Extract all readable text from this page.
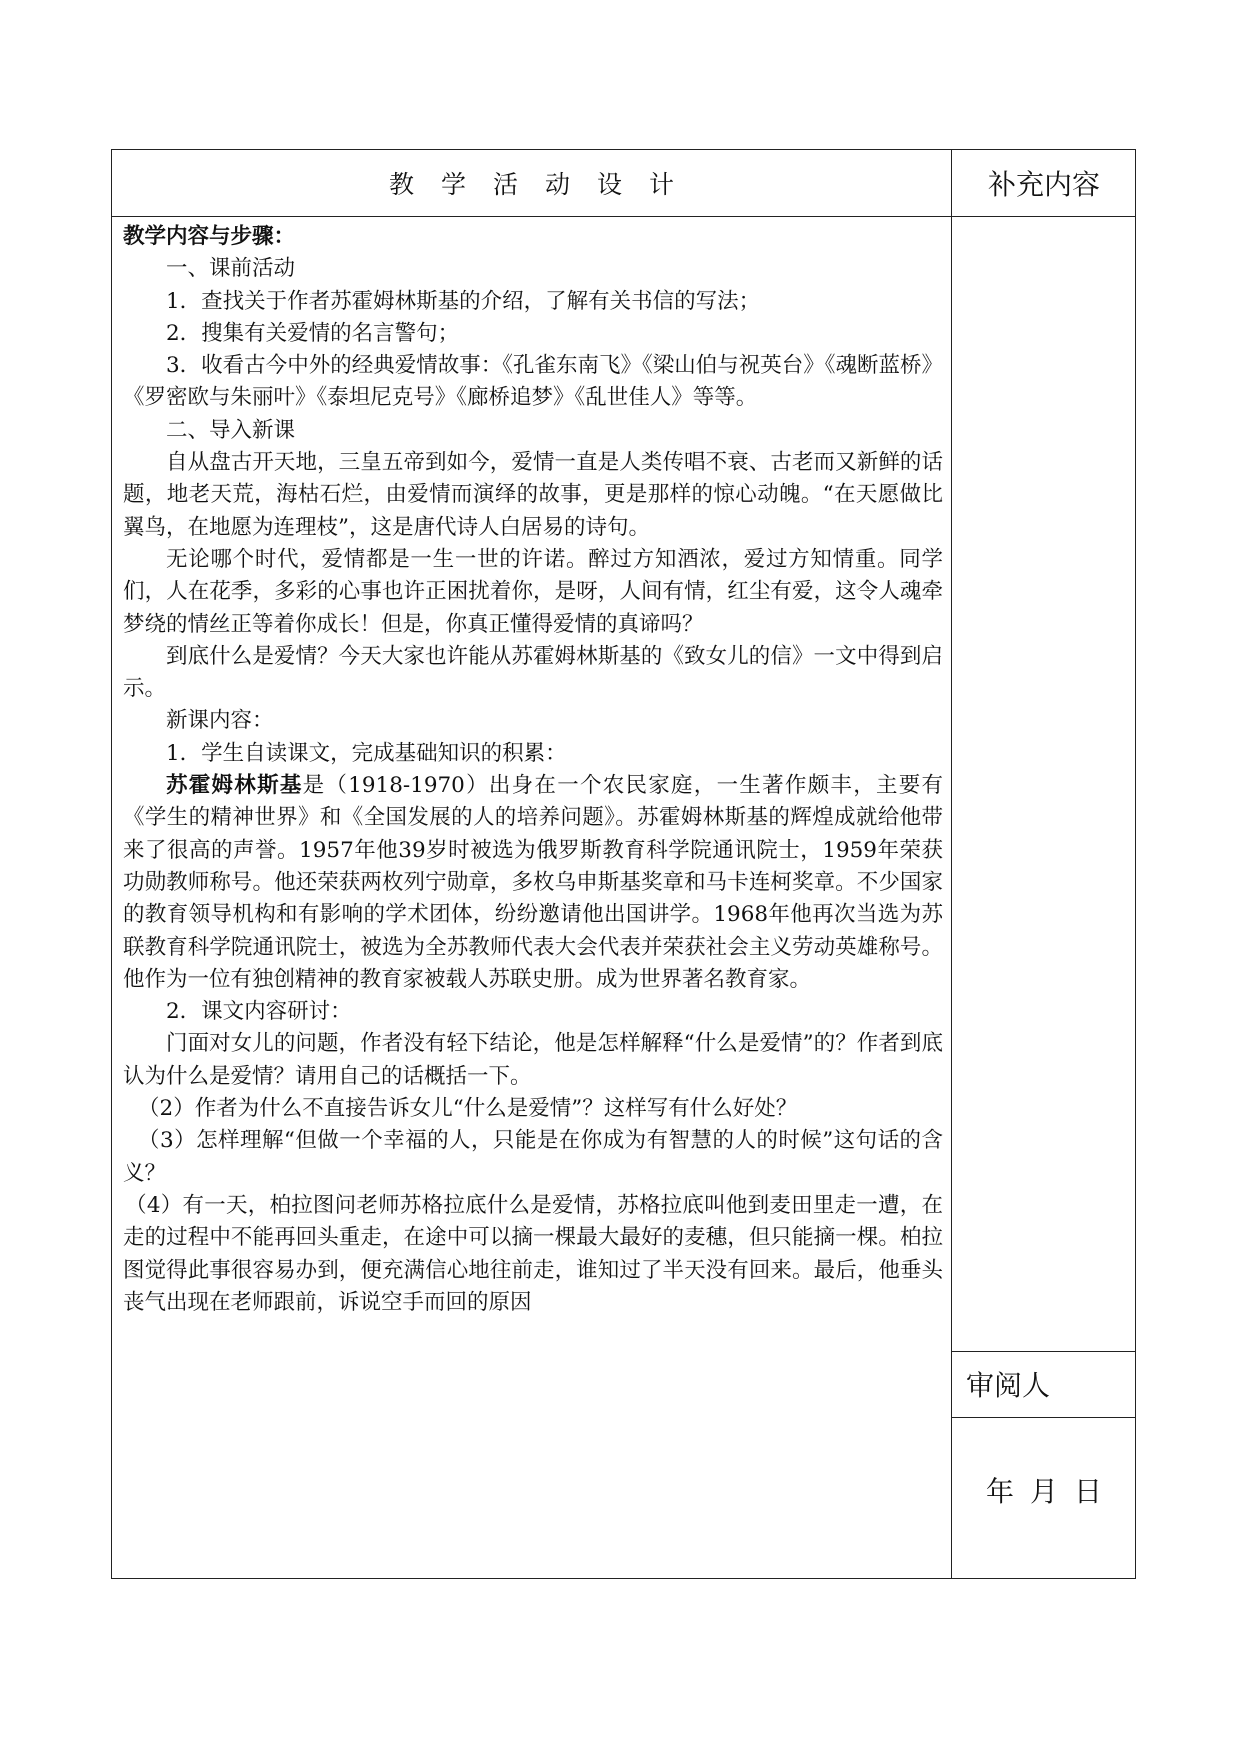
教学活动设计	补充内容

教学内容与步骤：

一、课前活动

1．查找关于作者苏霍姆林斯基的介绍，了解有关书信的写法；

2．搜集有关爱情的名言警句；

3．收看古今中外的经典爱情故事：《孔雀东南飞》《梁山伯与祝英台》《魂断蓝桥》《罗密欧与朱丽叶》《泰坦尼克号》《廊桥追梦》《乱世佳人》等等。

二、导入新课

自从盘古开天地，三皇五帝到如今，爱情一直是人类传唱不衰、古老而又新鲜的话题，地老天荒，海枯石烂，由爱情而演绎的故事，更是那样的惊心动魄。“在天愿做比翼鸟，在地愿为连理枝”，这是唐代诗人白居易的诗句。

无论哪个时代，爱情都是一生一世的许诺。醉过方知酒浓，爱过方知情重。同学们，人在花季，多彩的心事也许正困扰着你，是呀，人间有情，红尘有爱，这令人魂牵梦绕的情丝正等着你成长！但是，你真正懂得爱情的真谛吗？

到底什么是爱情？今天大家也许能从苏霍姆林斯基的《致女儿的信》一文中得到启示。

新课内容：

1．学生自读课文，完成基础知识的积累：

苏霍姆林斯基是（1918-1970）出身在一个农民家庭，一生著作颇丰，主要有《学生的精神世界》和《全国发展的人的培养问题》。苏霍姆林斯基的辉煌成就给他带来了很高的声誉。1957年他39岁时被选为俄罗斯教育科学院通讯院士，1959年荣获功勋教师称号。他还荣获两枚列宁勋章，多枚乌申斯基奖章和马卡连柯奖章。不少国家的教育领导机构和有影响的学术团体，纷纷邀请他出国讲学。1968年他再次当选为苏联教育科学院通讯院士，被选为全苏教师代表大会代表并荣获社会主义劳动英雄称号。他作为一位有独创精神的教育家被载人苏联史册。成为世界著名教育家。

2．课文内容研讨：

门面对女儿的问题，作者没有轻下结论，他是怎样解释“什么是爱情”的？作者到底认为什么是爱情？请用自己的话概括一下。

（2）作者为什么不直接告诉女儿“什么是爱情”？这样写有什么好处？

（3）怎样理解“但做一个幸福的人，只能是在你成为有智慧的人的时候”这句话的含义？

（4）有一天，柏拉图问老师苏格拉底什么是爱情，苏格拉底叫他到麦田里走一遭，在走的过程中不能再回头重走，在途中可以摘一棵最大最好的麦穗，但只能摘一棵。柏拉图觉得此事很容易办到，便充满信心地往前走，谁知过了半天没有回来。最后，他垂头丧气出现在老师跟前，诉说空手而回的原因

审阅人
年月日
